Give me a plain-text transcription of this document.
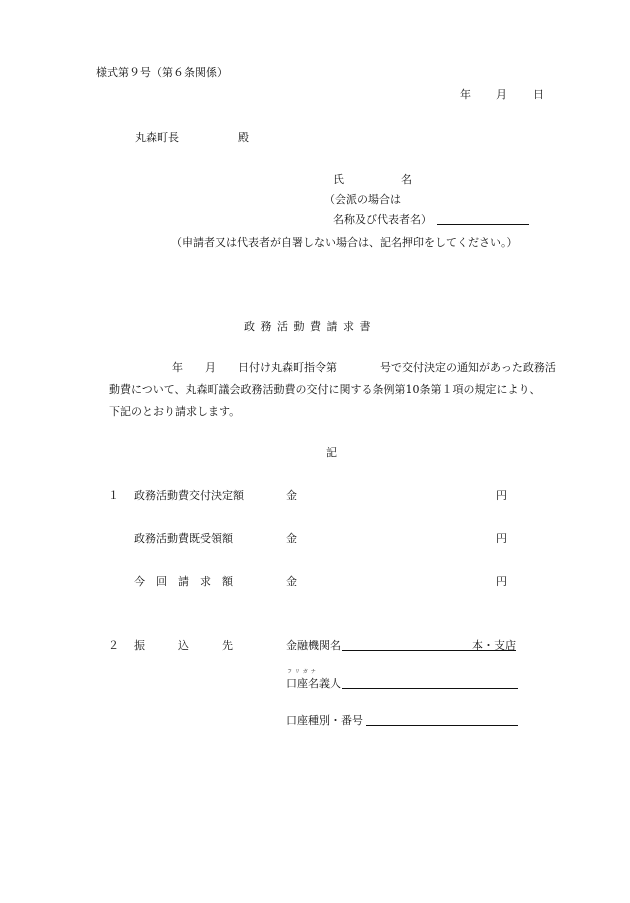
様式第９号（第６条関係）
年 月 日
丸森町長	殿
氏	名
（会派の場合は
名称及び代表者名）
（申請者又は代表者が自署しない場合は、記名押印をしてください。）
政 務 活 動 費 請 求 書
年 月 日付け丸森町指令第	号で交付決定の通知があった政務活
動費について、丸森町議会政務活動費の交付に関する条例第10条第１項の規定により、
下記のとおり請求します。
記
１ 政務活動費交付決定額	金	円
政務活動費既受領額	金	円
今　回　請　求　額	金	円
２ 振　　　込　　　先	金融機関名	本・支店
フリガナ
口座名義人
口座種別・番号
